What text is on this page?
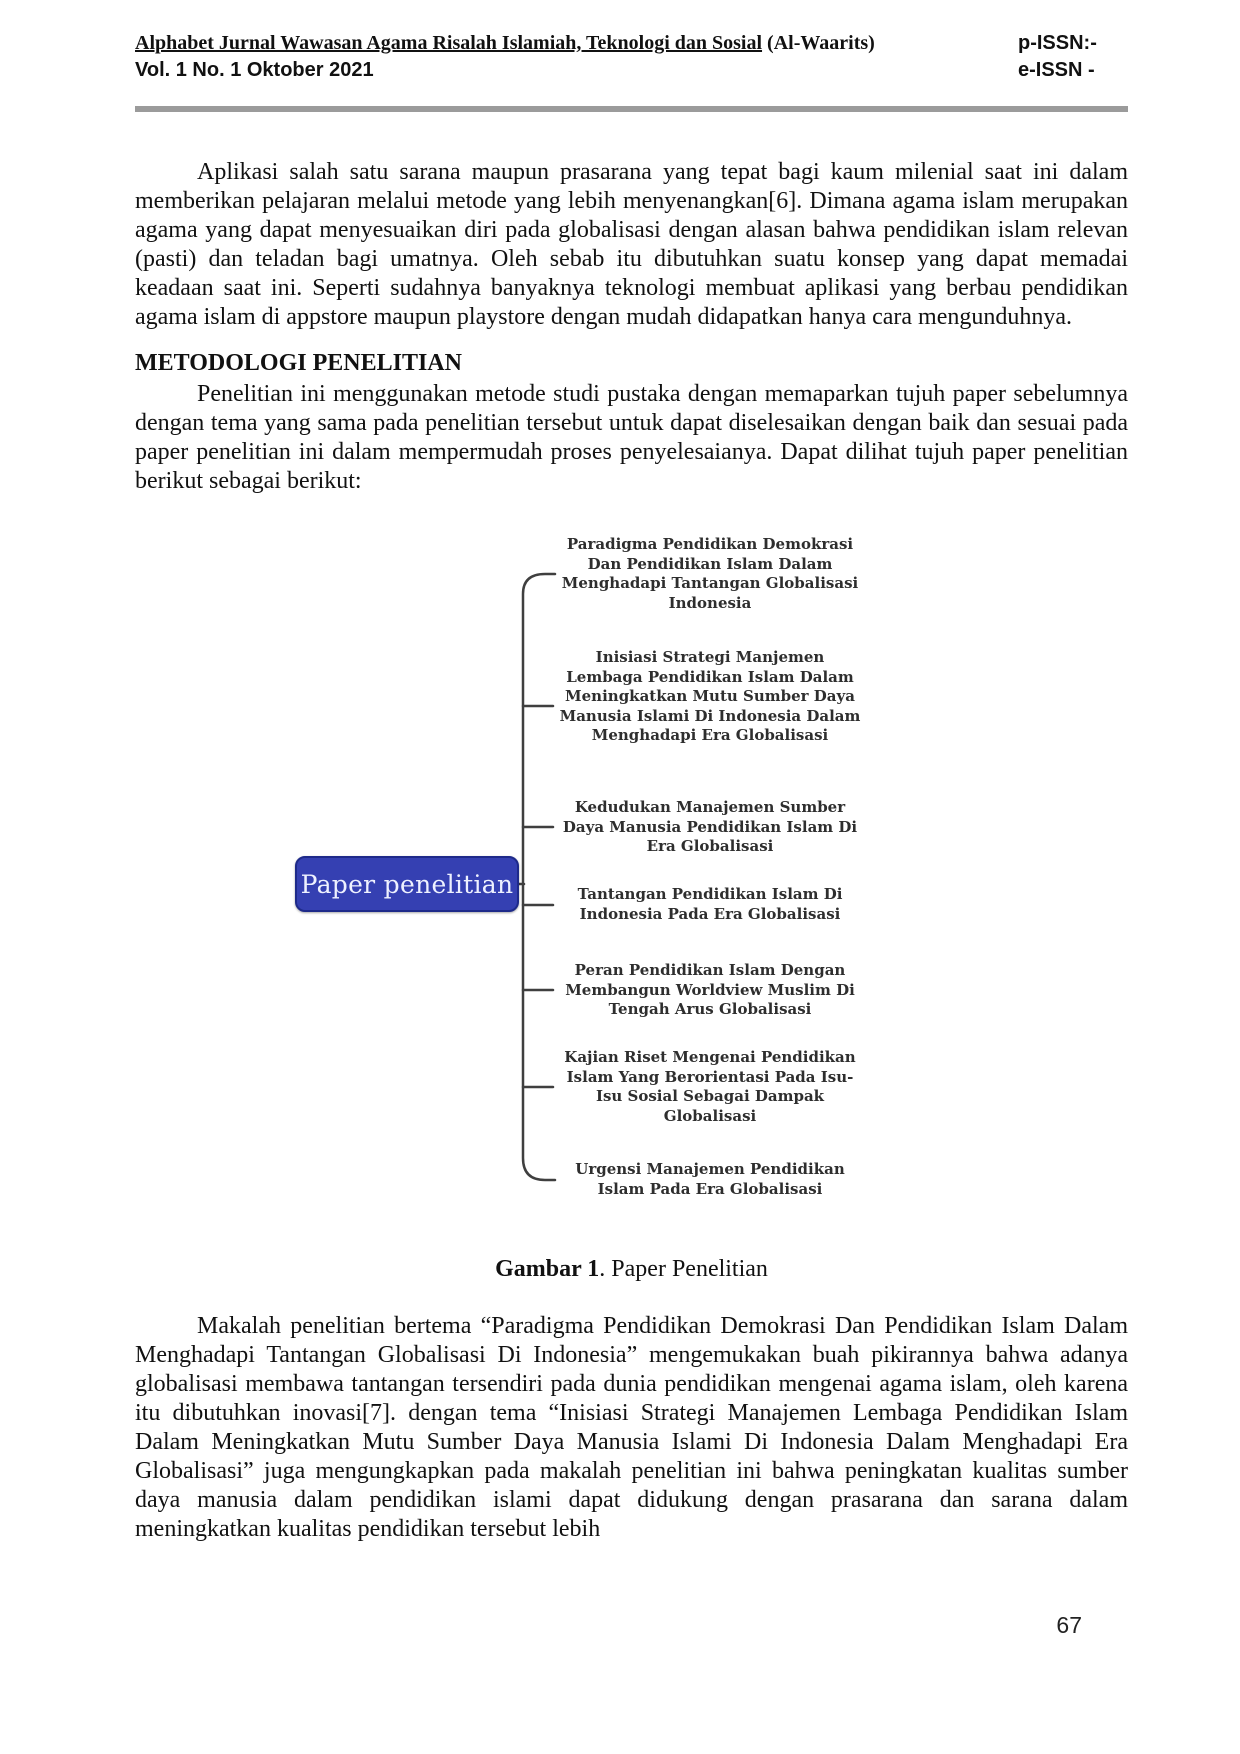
Alphabet Jurnal Wawasan Agama Risalah Islamiah, Teknologi dan Sosial (Al-Waarits)
Vol. 1 No. 1 Oktober 2021
p-ISSN:-
e-ISSN -

Aplikasi salah satu sarana maupun prasarana yang tepat bagi kaum milenial saat ini dalam memberikan pelajaran melalui metode yang lebih menyenangkan[6]. Dimana agama islam merupakan agama yang dapat menyesuaikan diri pada globalisasi dengan alasan bahwa pendidikan islam relevan (pasti) dan teladan bagi umatnya. Oleh sebab itu dibutuhkan suatu konsep yang dapat memadai keadaan saat ini. Seperti sudahnya banyaknya teknologi membuat aplikasi yang berbau pendidikan agama islam di appstore maupun playstore dengan mudah didapatkan hanya cara mengunduhnya.

METODOLOGI PENELITIAN

Penelitian ini menggunakan metode studi pustaka dengan memaparkan tujuh paper sebelumnya dengan tema yang sama pada penelitian tersebut untuk dapat diselesaikan dengan baik dan sesuai pada paper penelitian ini dalam mempermudah proses penyelesaianya. Dapat dilihat tujuh paper penelitian berikut sebagai berikut:

Paper penelitian
Paradigma Pendidikan Demokrasi Dan Pendidikan Islam Dalam Menghadapi Tantangan Globalisasi Indonesia
Inisiasi Strategi Manjemen Lembaga Pendidikan Islam Dalam Meningkatkan Mutu Sumber Daya Manusia Islami Di Indonesia Dalam Menghadapi Era Globalisasi
Kedudukan Manajemen Sumber Daya Manusia Pendidikan Islam Di Era Globalisasi
Tantangan Pendidikan Islam Di Indonesia Pada Era Globalisasi
Peran Pendidikan Islam Dengan Membangun Worldview Muslim Di Tengah Arus Globalisasi
Kajian Riset Mengenai Pendidikan Islam Yang Berorientasi Pada Isu-Isu Sosial Sebagai Dampak Globalisasi
Urgensi Manajemen Pendidikan Islam Pada Era Globalisasi
Gambar 1. Paper Penelitian

Makalah penelitian bertema “Paradigma Pendidikan Demokrasi Dan Pendidikan Islam Dalam Menghadapi Tantangan Globalisasi Di Indonesia” mengemukakan buah pikirannya bahwa adanya globalisasi membawa tantangan tersendiri pada dunia pendidikan mengenai agama islam, oleh karena itu dibutuhkan inovasi[7]. dengan tema “Inisiasi Strategi Manajemen Lembaga Pendidikan Islam Dalam Meningkatkan Mutu Sumber Daya Manusia Islami Di Indonesia Dalam Menghadapi Era Globalisasi” juga mengungkapkan pada makalah penelitian ini bahwa peningkatan kualitas sumber daya manusia dalam pendidikan islami dapat didukung dengan prasarana dan sarana dalam meningkatkan kualitas pendidikan tersebut lebih

67
